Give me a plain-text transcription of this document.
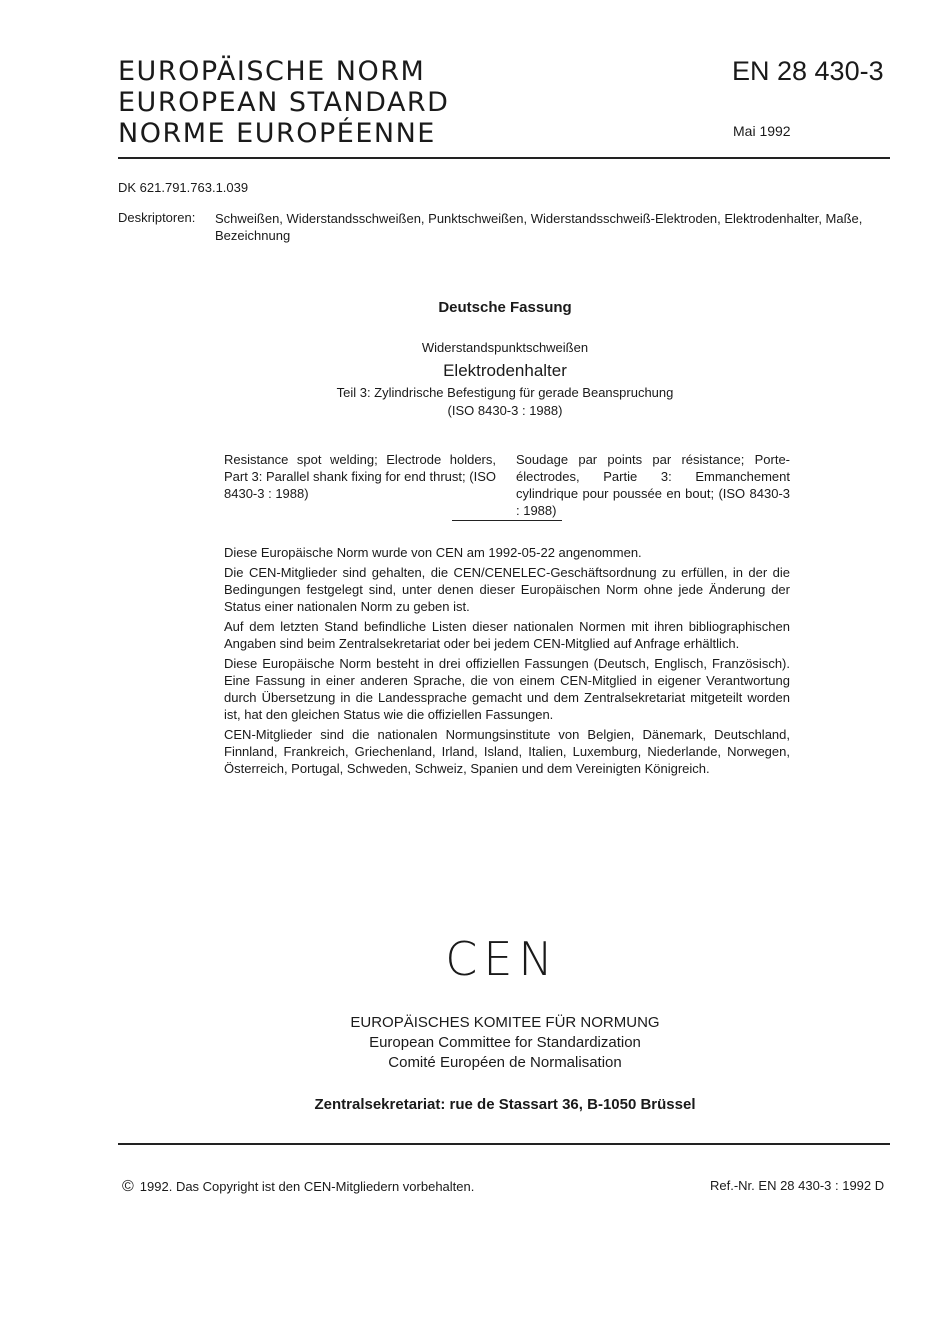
EUROPÄISCHE NORM
EUROPEAN STANDARD
NORME EUROPÉENNE
EN 28 430-3
Mai 1992
DK 621.791.763.1.039
Deskriptoren: Schweißen, Widerstandsschweißen, Punktschweißen, Widerstandsschweiß-Elektroden, Elektrodenhalter, Maße, Bezeichnung
Deutsche Fassung
Widerstandspunktschweißen
Elektrodenhalter
Teil 3: Zylindrische Befestigung für gerade Beanspruchung
(ISO 8430-3 : 1988)
Resistance spot welding; Electrode holders, Part 3: Parallel shank fixing for end thrust; (ISO 8430-3 : 1988)
Soudage par points par résistance; Porte-électrodes, Partie 3: Emmanchement cylindrique pour poussée en bout; (ISO 8430-3 : 1988)

Diese Europäische Norm wurde von CEN am 1992-05-22 angenommen.

Die CEN-Mitglieder sind gehalten, die CEN/CENELEC-Geschäftsordnung zu erfüllen, in der die Bedingungen festgelegt sind, unter denen dieser Europäischen Norm ohne jede Änderung der Status einer nationalen Norm zu geben ist.

Auf dem letzten Stand befindliche Listen dieser nationalen Normen mit ihren bibliographischen Angaben sind beim Zentralsekretariat oder bei jedem CEN-Mitglied auf Anfrage erhältlich.

Diese Europäische Norm besteht in drei offiziellen Fassungen (Deutsch, Englisch, Französisch). Eine Fassung in einer anderen Sprache, die von einem CEN-Mitglied in eigener Verantwortung durch Übersetzung in die Landessprache gemacht und dem Zentralsekretariat mitgeteilt worden ist, hat den gleichen Status wie die offiziellen Fassungen.

CEN-Mitglieder sind die nationalen Normungsinstitute von Belgien, Dänemark, Deutschland, Finnland, Frankreich, Griechenland, Irland, Island, Italien, Luxemburg, Niederlande, Norwegen, Österreich, Portugal, Schweden, Schweiz, Spanien und dem Vereinigten Königreich.

CEN
EUROPÄISCHES KOMITEE FÜR NORMUNG
European Committee for Standardization
Comité Européen de Normalisation
Zentralsekretariat: rue de Stassart 36, B-1050 Brüssel
© 1992. Das Copyright ist den CEN-Mitgliedern vorbehalten.	Ref.-Nr. EN 28 430-3 : 1992 D
